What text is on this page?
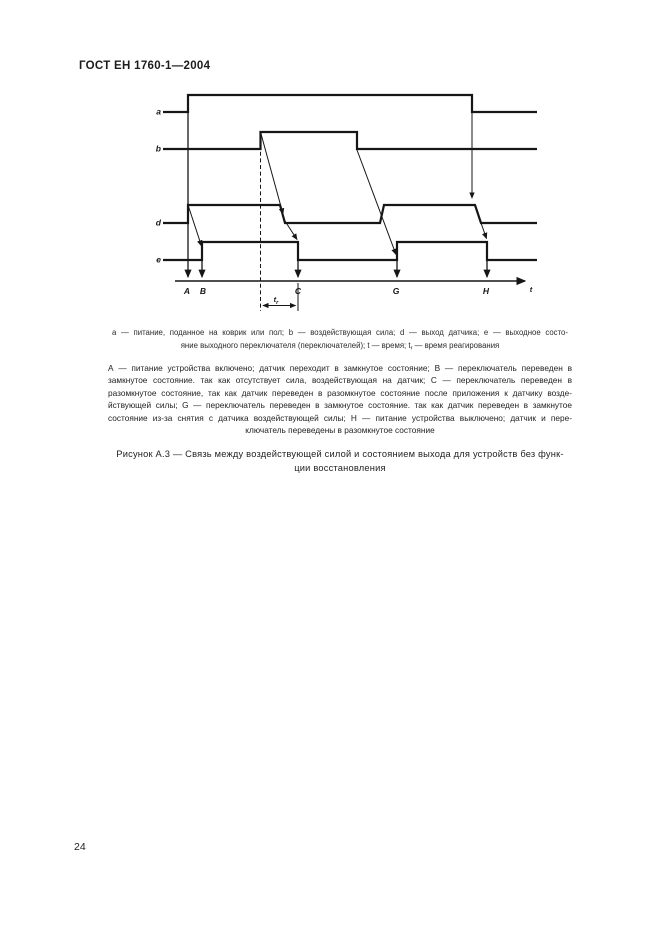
ГОСТ ЕН 1760-1—2004
a
b
d
e
А В	С	G	Н	t
$t_r$
a — питание, поданное на коврик или пол; b — воздействующая сила; d — выход датчика; e — выходное состо-
яние выходного переключателя (переключателей); t — время; $t_r$ — время реагирования
А — питание устройства включено; датчик переходит в замкнутое состояние; В — переключатель переведен в
замкнутое состояние. так как отсутствует сила, воздействующая на датчик; С — переключатель переведен в
разомкнутое состояние, так как датчик переведен в разомкнутое состояние после приложения к датчику возде-
йствующей силы; G — переключатель переведен в замкнутое состояние. так как датчик переведен в замкнутое
состояние из-за снятия с датчика воздействующей силы; Н — питание устройства выключено; датчик и пере-
ключатель переведены в разомкнутое состояние
Рисунок А.3 — Связь между воздействующей силой и состоянием выхода для устройств без функ-
ции восстановления
24
